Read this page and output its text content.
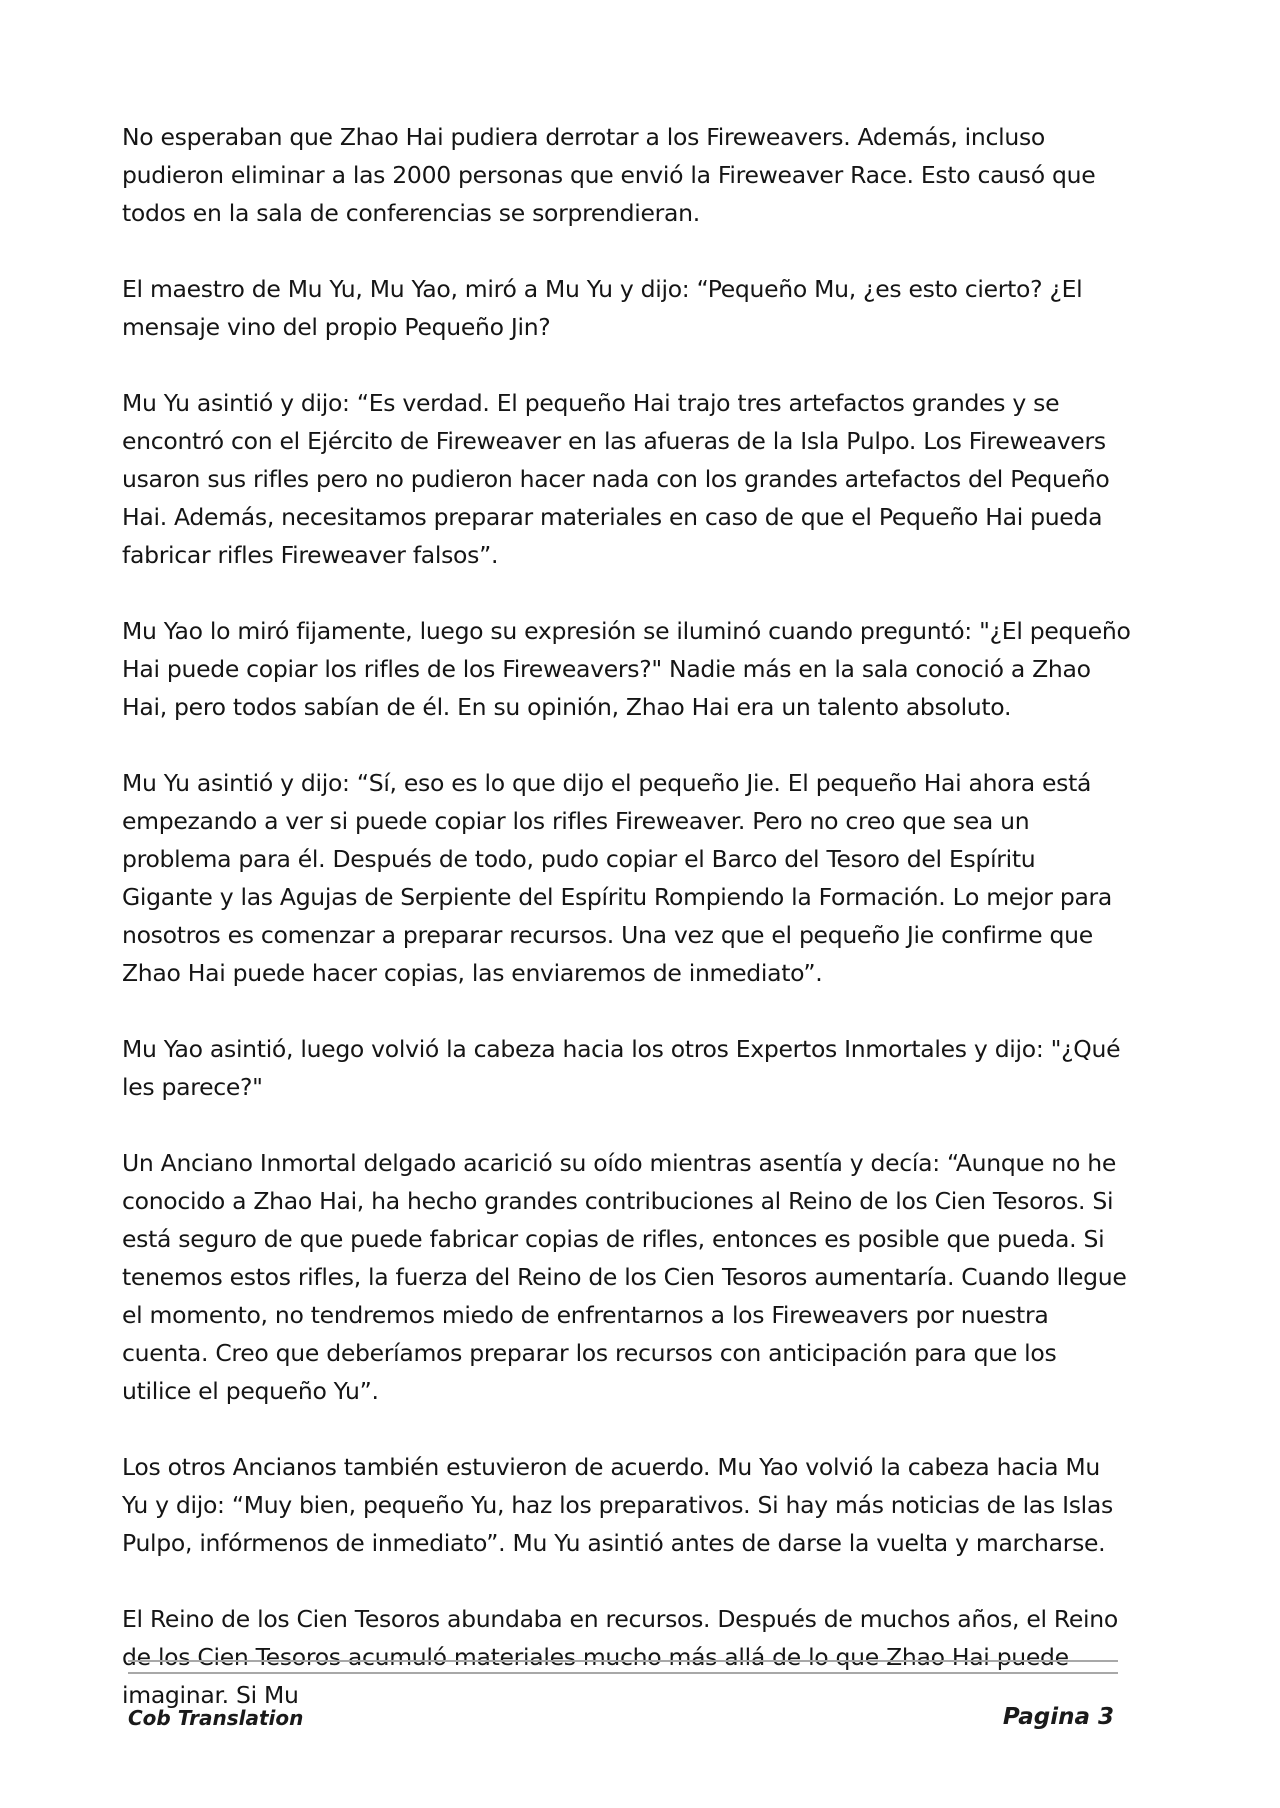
No esperaban que Zhao Hai pudiera derrotar a los Fireweavers. Además, incluso pudieron eliminar a las 2000 personas que envió la Fireweaver Race. Esto causó que todos en la sala de conferencias se sorprendieran.

El maestro de Mu Yu, Mu Yao, miró a Mu Yu y dijo: “Pequeño Mu, ¿es esto cierto? ¿El mensaje vino del propio Pequeño Jin?

Mu Yu asintió y dijo: “Es verdad. El pequeño Hai trajo tres artefactos grandes y se encontró con el Ejército de Fireweaver en las afueras de la Isla Pulpo. Los Fireweavers usaron sus rifles pero no pudieron hacer nada con los grandes artefactos del Pequeño Hai. Además, necesitamos preparar materiales en caso de que el Pequeño Hai pueda fabricar rifles Fireweaver falsos”.

Mu Yao lo miró fijamente, luego su expresión se iluminó cuando preguntó: "¿El pequeño Hai puede copiar los rifles de los Fireweavers?" Nadie más en la sala conoció a Zhao Hai, pero todos sabían de él. En su opinión, Zhao Hai era un talento absoluto.

Mu Yu asintió y dijo: “Sí, eso es lo que dijo el pequeño Jie. El pequeño Hai ahora está empezando a ver si puede copiar los rifles Fireweaver. Pero no creo que sea un problema para él. Después de todo, pudo copiar el Barco del Tesoro del Espíritu Gigante y las Agujas de Serpiente del Espíritu Rompiendo la Formación. Lo mejor para nosotros es comenzar a preparar recursos. Una vez que el pequeño Jie confirme que Zhao Hai puede hacer copias, las enviaremos de inmediato”.

Mu Yao asintió, luego volvió la cabeza hacia los otros Expertos Inmortales y dijo: "¿Qué les parece?"

Un Anciano Inmortal delgado acarició su oído mientras asentía y decía: “Aunque no he conocido a Zhao Hai, ha hecho grandes contribuciones al Reino de los Cien Tesoros. Si está seguro de que puede fabricar copias de rifles, entonces es posible que pueda. Si tenemos estos rifles, la fuerza del Reino de los Cien Tesoros aumentaría. Cuando llegue el momento, no tendremos miedo de enfrentarnos a los Fireweavers por nuestra cuenta. Creo que deberíamos preparar los recursos con anticipación para que los utilice el pequeño Yu”.

Los otros Ancianos también estuvieron de acuerdo. Mu Yao volvió la cabeza hacia Mu Yu y dijo: “Muy bien, pequeño Yu, haz los preparativos. Si hay más noticias de las Islas Pulpo, infórmenos de inmediato”. Mu Yu asintió antes de darse la vuelta y marcharse.

El Reino de los Cien Tesoros abundaba en recursos. Después de muchos años, el Reino de los Cien Tesoros acumuló materiales mucho más allá de lo que Zhao Hai puede imaginar. Si Mu

Cob Translation	Pagina 3
